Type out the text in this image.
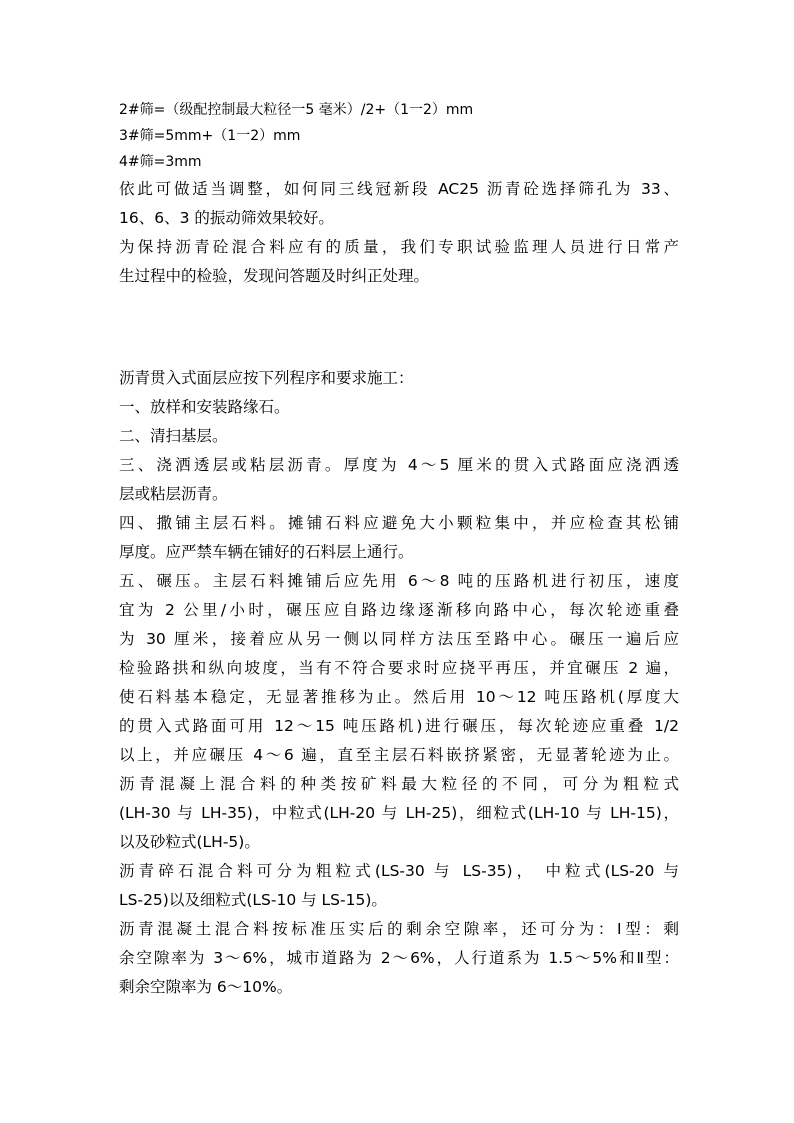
2#筛=（级配控制最大粒径一5 毫米）/2+（1一2）mm

3#筛=5mm+（1一2）mm

4#筛=3mm

依此可做适当调整，如何同三线冠新段 AC25 沥青砼选择筛孔为 33、

16、6、3 的振动筛效果较好。

为保持沥青砼混合料应有的质量，我们专职试验监理人员进行日常产

生过程中的检验，发现问答题及时纠正处理。

沥青贯入式面层应按下列程序和要求施工：

一、放样和安装路缘石。

二、清扫基层。

三、浇洒透层或粘层沥青。厚度为 4～5 厘米的贯入式路面应浇洒透

层或粘层沥青。

四、撒铺主层石料。摊铺石料应避免大小颗粒集中，并应检查其松铺

厚度。应严禁车辆在铺好的石料层上通行。

五、碾压。主层石料摊铺后应先用 6～8 吨的压路机进行初压，速度

宜为 2 公里/小时，碾压应自路边缘逐渐移向路中心，每次轮迹重叠

为 30 厘米，接着应从另一侧以同样方法压至路中心。碾压一遍后应

检验路拱和纵向坡度，当有不符合要求时应挠平再压，并宜碾压 2 遍，

使石料基本稳定，无显著推移为止。然后用 10～12 吨压路机(厚度大

的贯入式路面可用 12～15 吨压路机)进行碾压，每次轮迹应重叠 1/2

以上，并应碾压 4～6 遍，直至主层石料嵌挤紧密，无显著轮迹为止。

沥青混凝上混合料的种类按矿料最大粒径的不同，可分为粗粒式

(LH-30 与 LH-35)，中粒式(LH-20 与 LH-25)，细粒式(LH-10 与 LH-15)，

以及砂粒式(LH-5)。

沥青碎石混合料可分为粗粒式(LS-30 与 LS-35)， 中粒式(LS-20 与

LS-25)以及细粒式(LS-10 与 LS-15)。

沥青混凝土混合料按标准压实后的剩余空隙率，还可分为：Ⅰ型：剩

余空隙率为 3～6%，城市道路为 2～6%，人行道系为 1.5～5%和Ⅱ型：

剩余空隙率为 6～10%。
